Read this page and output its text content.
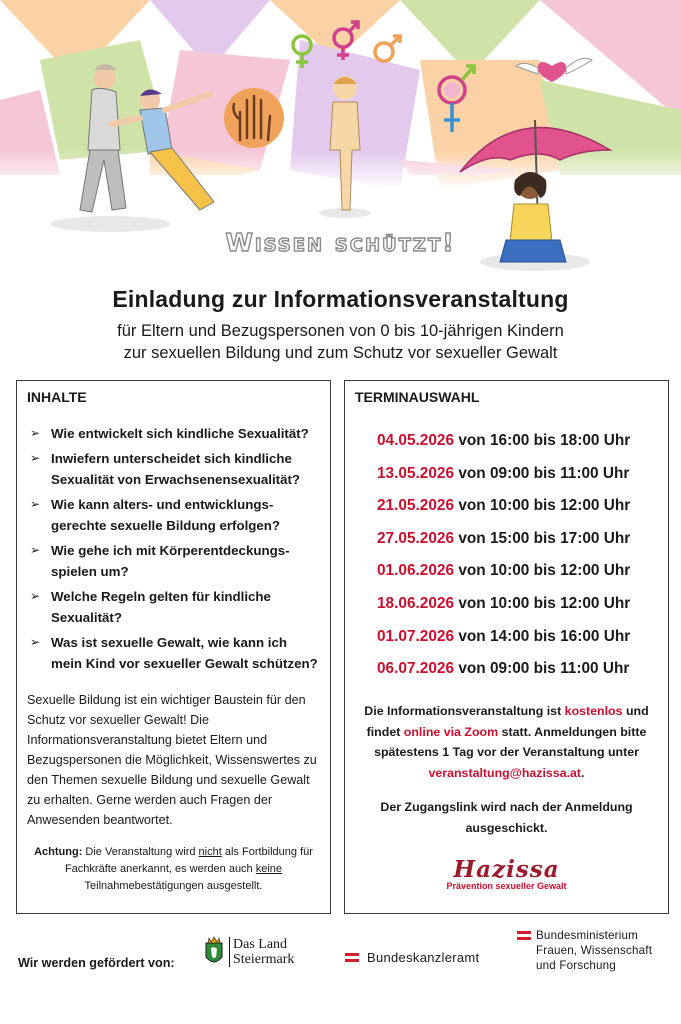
Wissen schützt!
Einladung zur Informationsveranstaltung
für Eltern und Bezugspersonen von 0 bis 10-jährigen Kindern
zur sexuellen Bildung und zum Schutz vor sexueller Gewalt
INHALTE
➢ Wie entwickelt sich kindliche Sexualität?
➢ Inwiefern unterscheidet sich kindliche Sexualität von Erwachsenensexualität?
➢ Wie kann alters- und entwicklungs-gerechte sexuelle Bildung erfolgen?
➢ Wie gehe ich mit Körperentdeckungs-spielen um?
➢ Welche Regeln gelten für kindliche Sexualität?
➢ Was ist sexuelle Gewalt, wie kann ich mein Kind vor sexueller Gewalt schützen?

Sexuelle Bildung ist ein wichtiger Baustein für den Schutz vor sexueller Gewalt! Die Informationsveranstaltung bietet Eltern und Bezugspersonen die Möglichkeit, Wissenswertes zu den Themen sexuelle Bildung und sexuelle Gewalt zu erhalten. Gerne werden auch Fragen der Anwesenden beantwortet.

Achtung: Die Veranstaltung wird nicht als Fortbildung für Fachkräfte anerkannt, es werden auch keine Teilnahmebestätigungen ausgestellt.

TERMINAUSWAHL
04.05.2026 von 16:00 bis 18:00 Uhr
13.05.2026 von 09:00 bis 11:00 Uhr
21.05.2026 von 10:00 bis 12:00 Uhr
27.05.2026 von 15:00 bis 17:00 Uhr
01.06.2026 von 10:00 bis 12:00 Uhr
18.06.2026 von 10:00 bis 12:00 Uhr
01.07.2026 von 14:00 bis 16:00 Uhr
06.07.2026 von 09:00 bis 11:00 Uhr

Die Informationsveranstaltung ist kostenlos und findet online via Zoom statt. Anmeldungen bitte spätestens 1 Tag vor der Veranstaltung unter veranstaltung@hazissa.at.

Der Zugangslink wird nach der Anmeldung ausgeschickt.

Hazissa
Prävention sexueller Gewalt
Wir werden gefördert von:
Das Land
Steiermark	Bundeskanzleramt
Bundesministerium
Frauen, Wissenschaft
und Forschung
